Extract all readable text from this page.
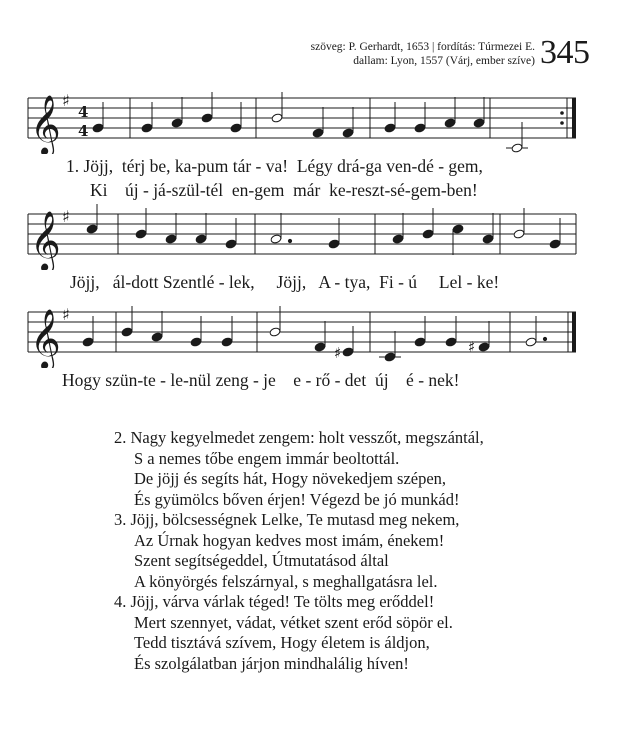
szöveg: P. Gerhardt, 1653 | fordítás: Túrmezei E.
dallam: Lyon, 1557 (Várj, ember szíve) 345
𝄞 ♯
4
4
1. Jöjj,  térj be, ka-pum tár - va!  Légy drá-ga ven-dé - gem,
Ki    új - já-szül-tél  en-gem  már  ke-reszt-sé-gem-ben!
𝄞 ♯
Jöjj,   ál-dott Szentlé - lek,     Jöjj,   A - tya,  Fi - ú     Lel - ke!
𝄞 ♯
♯	♯
Hogy szün-te - le-nül zeng - je    e - rő - det  új    é - nek!
2. Nagy kegyelmedet zengem: holt vesszőt, megszántál,
S a nemes tőbe engem immár beoltottál.
De jöjj és segíts hát, Hogy növekedjem szépen,
És gyümölcs bőven érjen! Végezd be jó munkád!
3. Jöjj, bölcsességnek Lelke, Te mutasd meg nekem,
Az Úrnak hogyan kedves most imám, énekem!
Szent segítségeddel, Útmutatásod által
A könyörgés felszárnyal, s meghallgatásra lel.
4. Jöjj, várva várlak téged! Te tölts meg erőddel!
Mert szennyet, vádat, vétket szent erőd söpör el.
Tedd tisztává szívem, Hogy életem is áldjon,
És szolgálatban járjon mindhalálig híven!
